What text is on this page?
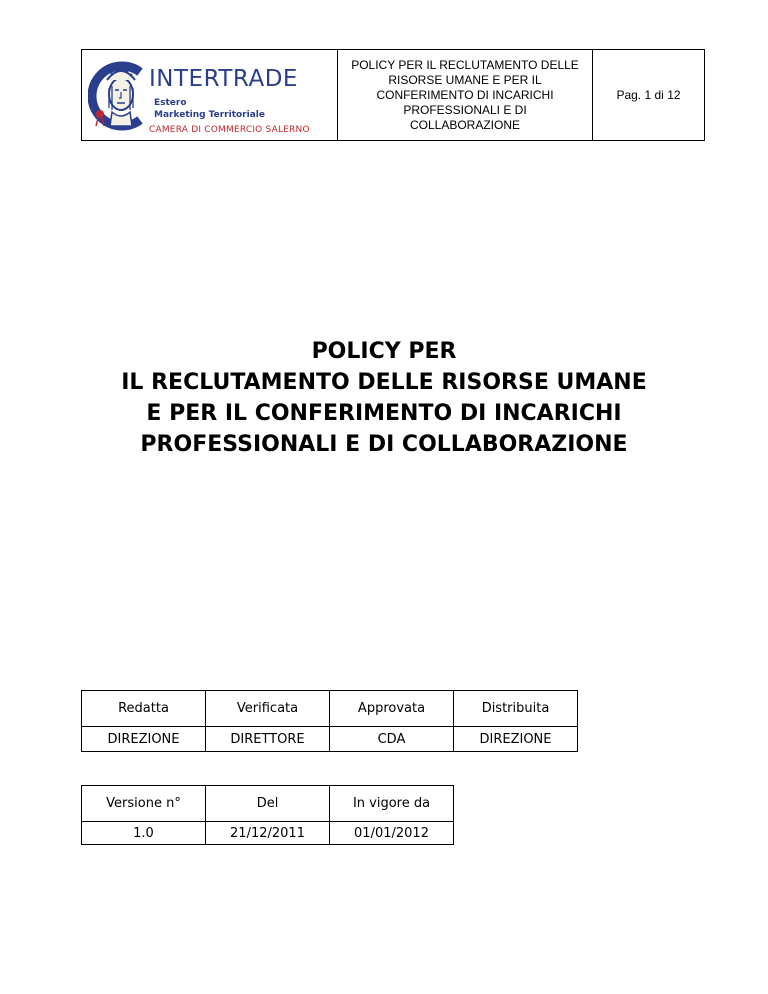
INTERTRADE
Estero
Marketing Territoriale
CAMERA DI COMMERCIO SALERNO
POLICY PER IL RECLUTAMENTO DELLE
RISORSE UMANE E PER IL
CONFERIMENTO DI INCARICHI
PROFESSIONALI E DI
COLLABORAZIONE
Pag. 1 di 12
POLICY PER
IL RECLUTAMENTO DELLE RISORSE UMANE
E PER IL CONFERIMENTO DI INCARICHI
PROFESSIONALI E DI COLLABORAZIONE
Redatta	Verificata	Approvata	Distribuita
DIREZIONE	DIRETTORE	CDA	DIREZIONE
Versione n°	Del	In vigore da
1.0	21/12/2011	01/01/2012
